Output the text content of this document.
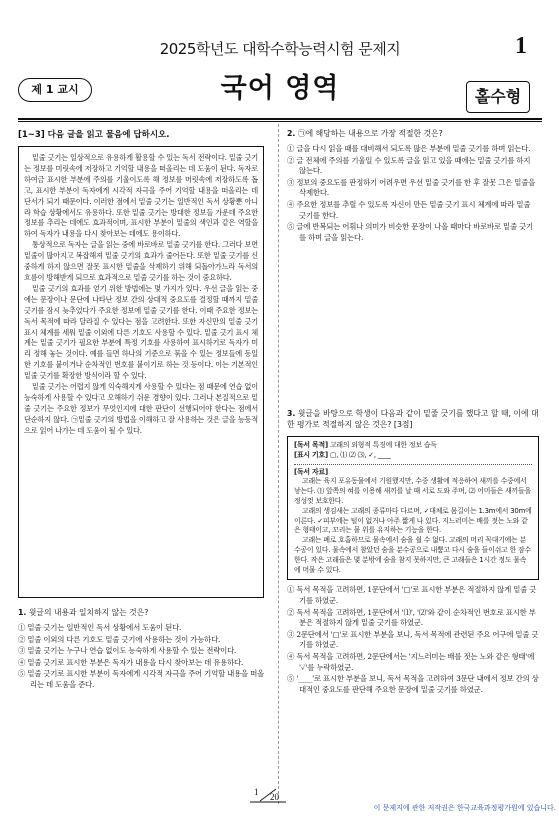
2025학년도 대학수학능력시험 문제지	1
제 1 교시	국어 영역	홀수형
[1~3] 다음 글을 읽고 물음에 답하시오.

밑줄 긋기는 일상적으로 유용하게 활용할 수 있는 독서 전략이다. 밑줄 긋기는 정보를 미릿속에 저장하고 기억할 내용을 떠올리는 데 도움이 된다. 독자로 하여금 표시한 부분에 주의를 기울이도록 해 정보를 머릿속에 저장하도록 돕고, 표시한 부분이 독자에게 시각적 자극을 주어 기억할 내용을 떠올리는 데 단서가 되기 때문이다. 이러한 점에서 밑줄 긋기는 일반적인 독서 상황뿐 아니라 학습 상황에서도 유용하다. 또한 밑줄 긋기는 방대한 정보들 가운데 주요한 정보를 추리는 데에도 효과적이며, 표시한 부분이 밑줄의 색인과 같은 역할을 하여 독자가 내용을 다시 찾아보는 데에도 용이하다.

통상적으로 독자는 글을 읽는 중에 바로바로 밑줄 긋기를 한다. 그러다 보면 밑줄이 많아지고 복잡해져 밑줄 긋기의 효과가 줄어든다. 또한 밑줄 긋기를 신중하게 하지 않으면 잘못 표시한 밑줄을 삭제하기 위해 되돌아가느라 독서의 흐름이 방해받게 되므로 효과적으로 밑줄 긋기를 하는 것이 중요하다.

밑줄 긋기의 효과를 얻기 위한 방법에는 몇 가지가 있다. 우선 글을 읽는 중에는 문장이나 문단에 나타난 정보 간의 상대적 중요도를 결정할 때까지 밑줄 긋기를 잠시 늦추었다가 주요한 정보에 밑줄 긋기를 한다. 이때 주요한 정보는 독서 목적에 따라 달라질 수 있다는 점을 고려한다. 또한 자신만의 밑줄 긋기 표시 체계를 세워 밑줄 이외에 다른 기호도 사용할 수 있다. 밑줄 긋기 표시 체계는 밑줄 긋기가 필요한 부분에 특정 기호를 사용하여 표시하기로 독자가 미리 정해 놓는 것이다. 예를 들면 하나의 기준으로 묶을 수 있는 정보들에 동일한 기호를 붙이거나 순차적인 번호를 붙이기로 하는 것 등이다. 이는 기본적인 밑줄 긋기를 확장한 방식이라 할 수 있다.

밑줄 긋기는 어렵지 않게 익숙해지게 사용할 수 있다는 점 때문에 연습 없이 능숙하게 사용할 수 있다고 오해하기 쉬운 경향이 있다. 그러나 본질적으로 밑줄 긋기는 주요한 정보가 무엇인지에 대한 판단이 선행되어야 한다는 점에서 단순하지 않다. ㉠밑줄 긋기의 방법을 이해하고 잘 사용하는 것은 글을 능동적으로 읽어 나가는 데 도움이 될 수 있다.

1. 윗글의 내용과 일치하지 않는 것은?
① 밑줄 긋기는 일반적인 독서 상황에서 도움이 된다.
② 밑줄 이외의 다른 기호도 밑줄 긋기에 사용하는 것이 가능하다.
③ 밑줄 긋기는 누구나 연습 없이도 능숙하게 사용할 수 있는 전략이다.
④ 밑줄 긋기로 표시한 부분은 독자가 내용을 다시 찾아보는 데 유용하다.
⑤ 밑줄 긋기로 표시한 부분이 독자에게 시각적 자극을 주어 기억할 내용을 떠올리는 데 도움을 준다.
2. ㉠에 해당하는 내용으로 가장 적절한 것은?
① 글을 다시 읽을 때를 대비해서 되도록 많은 부분에 밑줄 긋기를 하며 읽는다.
② 글 전체에 주의를 기울일 수 있도록 글을 읽고 있을 때에는 밑줄 긋기를 하지 않는다.
③ 정보의 중요도를 판정하기 어려우면 우선 밑줄 긋기를 한 후 잘못 그은 밑줄을 삭제한다.
④ 주요한 정보를 추릴 수 있도록 자신이 만든 밑줄 긋기 표시 체계에 따라 밑줄 긋기를 한다.
⑤ 글에 반복되는 어휘나 의미가 비슷한 문장이 나올 때마다 바로바로 밑줄 긋기를 하며 글을 읽는다.
3. 윗글을 바탕으로 학생이 다음과 같이 밑줄 긋기를 했다고 할 때, 이에 대한 평가로 적절하지 않은 것은? [3점]

[독서 목적] 고래의 외형적 특징에 대한 정보 습득

[표시 기호] ▢, ⑴ ⑵ ⑶, ✓, ____

[독서 자료]

고래는 육지 포유동물에서 기원했지만, 수중 생활에 적응하여 새끼를 수중에서 낳는다. ⑴ 앞쪽의 혀를 이용해 새끼를 날 때 서로 도와 주며, ⑵ 어미들은 새끼들을 정성껏 보호한다.

고래의 생김새는 고래의 종류마다 다르며, ✓대체로 몸길이는 1.3m에서 30m에 이른다. ✓피부에는 털이 없거나 아주 짧게 나 있다. 지느러미는 배를 젓는 노와 같은 형태이고, 꼬리는 물 위를 유지하는 기능을 한다.

고래는 폐로 호흡하므로 물속에서 숨을 쉴 수 없다. 고래의 머리 꼭대기에는 분수공이 있다. 물속에서 참았던 숨을 분수공으로 내뿜고 다시 숨을 들이쉬고 한 잠수한다. 작은 고래들은 몇 분밖에 숨을 참지 못하지만, 큰 고래들은 1시간 정도 물속에 머물 수 있다.

① 독서 목적을 고려하면, 1문단에서 '▢'로 표시한 부분은 적절하지 않게 밑줄 긋기를 하였군.
② 독서 목적을 고려하면, 1문단에서 '⑴', '⑵'와 같이 순차적인 번호로 표시한 부분은 적절하지 않게 밑줄 긋기를 하였군.
③ 2문단에서 '▢'로 표시한 부분을 보니, 독서 목적에 관련된 주요 어구에 밑줄 긋기를 하였군.
④ 독서 목적을 고려하면, 2문단에서는 '지느러미는 배를 젓는 노와 같은 형태'에 '✓'를 누락하였군.
⑤ '____'로 표시한 부분을 보니, 독서 목적을 고려하여 3문단 내에서 정보 간의 상대적인 중요도를 판단해 주요한 문장에 밑줄 긋기를 하였군.
1 20
이 문제지에 관한 저작권은 한국교육과정평가원에 있습니다.
